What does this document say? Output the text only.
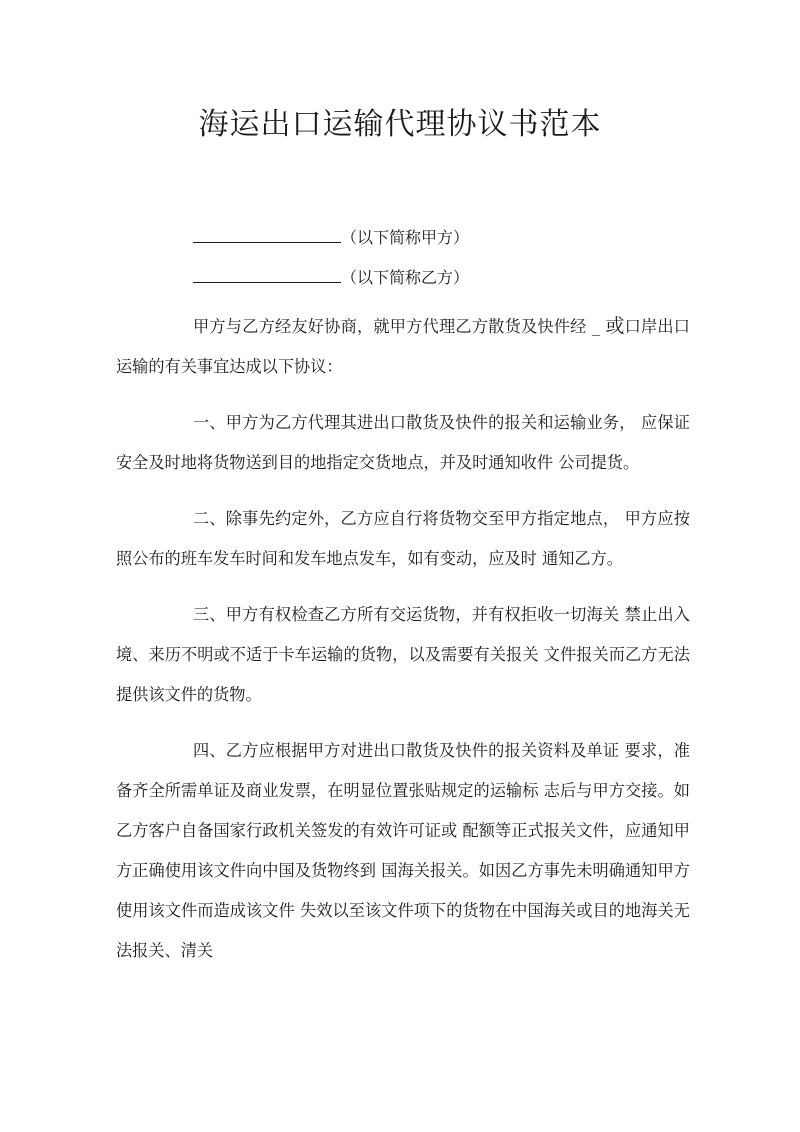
海运出口运输代理协议书范本
（以下简称甲方）
（以下简称乙方）

甲方与乙方经友好协商，就甲方代理乙方散货及快件经 _ 或口岸出口运输的有关事宜达成以下协议：

一、甲方为乙方代理其进出口散货及快件的报关和运输业务， 应保证安全及时地将货物送到目的地指定交货地点，并及时通知收件 公司提货。

二、除事先约定外，乙方应自行将货物交至甲方指定地点， 甲方应按照公布的班车发车时间和发车地点发车，如有变动，应及时 通知乙方。

三、甲方有权检查乙方所有交运货物，并有权拒收一切海关 禁止出入境、来历不明或不适于卡车运输的货物，以及需要有关报关 文件报关而乙方无法提供该文件的货物。

四、乙方应根据甲方对进出口散货及快件的报关资料及单证 要求，准备齐全所需单证及商业发票，在明显位置张贴规定的运输标 志后与甲方交接。如乙方客户自备国家行政机关签发的有效许可证或 配额等正式报关文件，应通知甲方正确使用该文件向中国及货物终到 国海关报关。如因乙方事先未明确通知甲方使用该文件而造成该文件 失效以至该文件项下的货物在中国海关或目的地海关无法报关、清关
